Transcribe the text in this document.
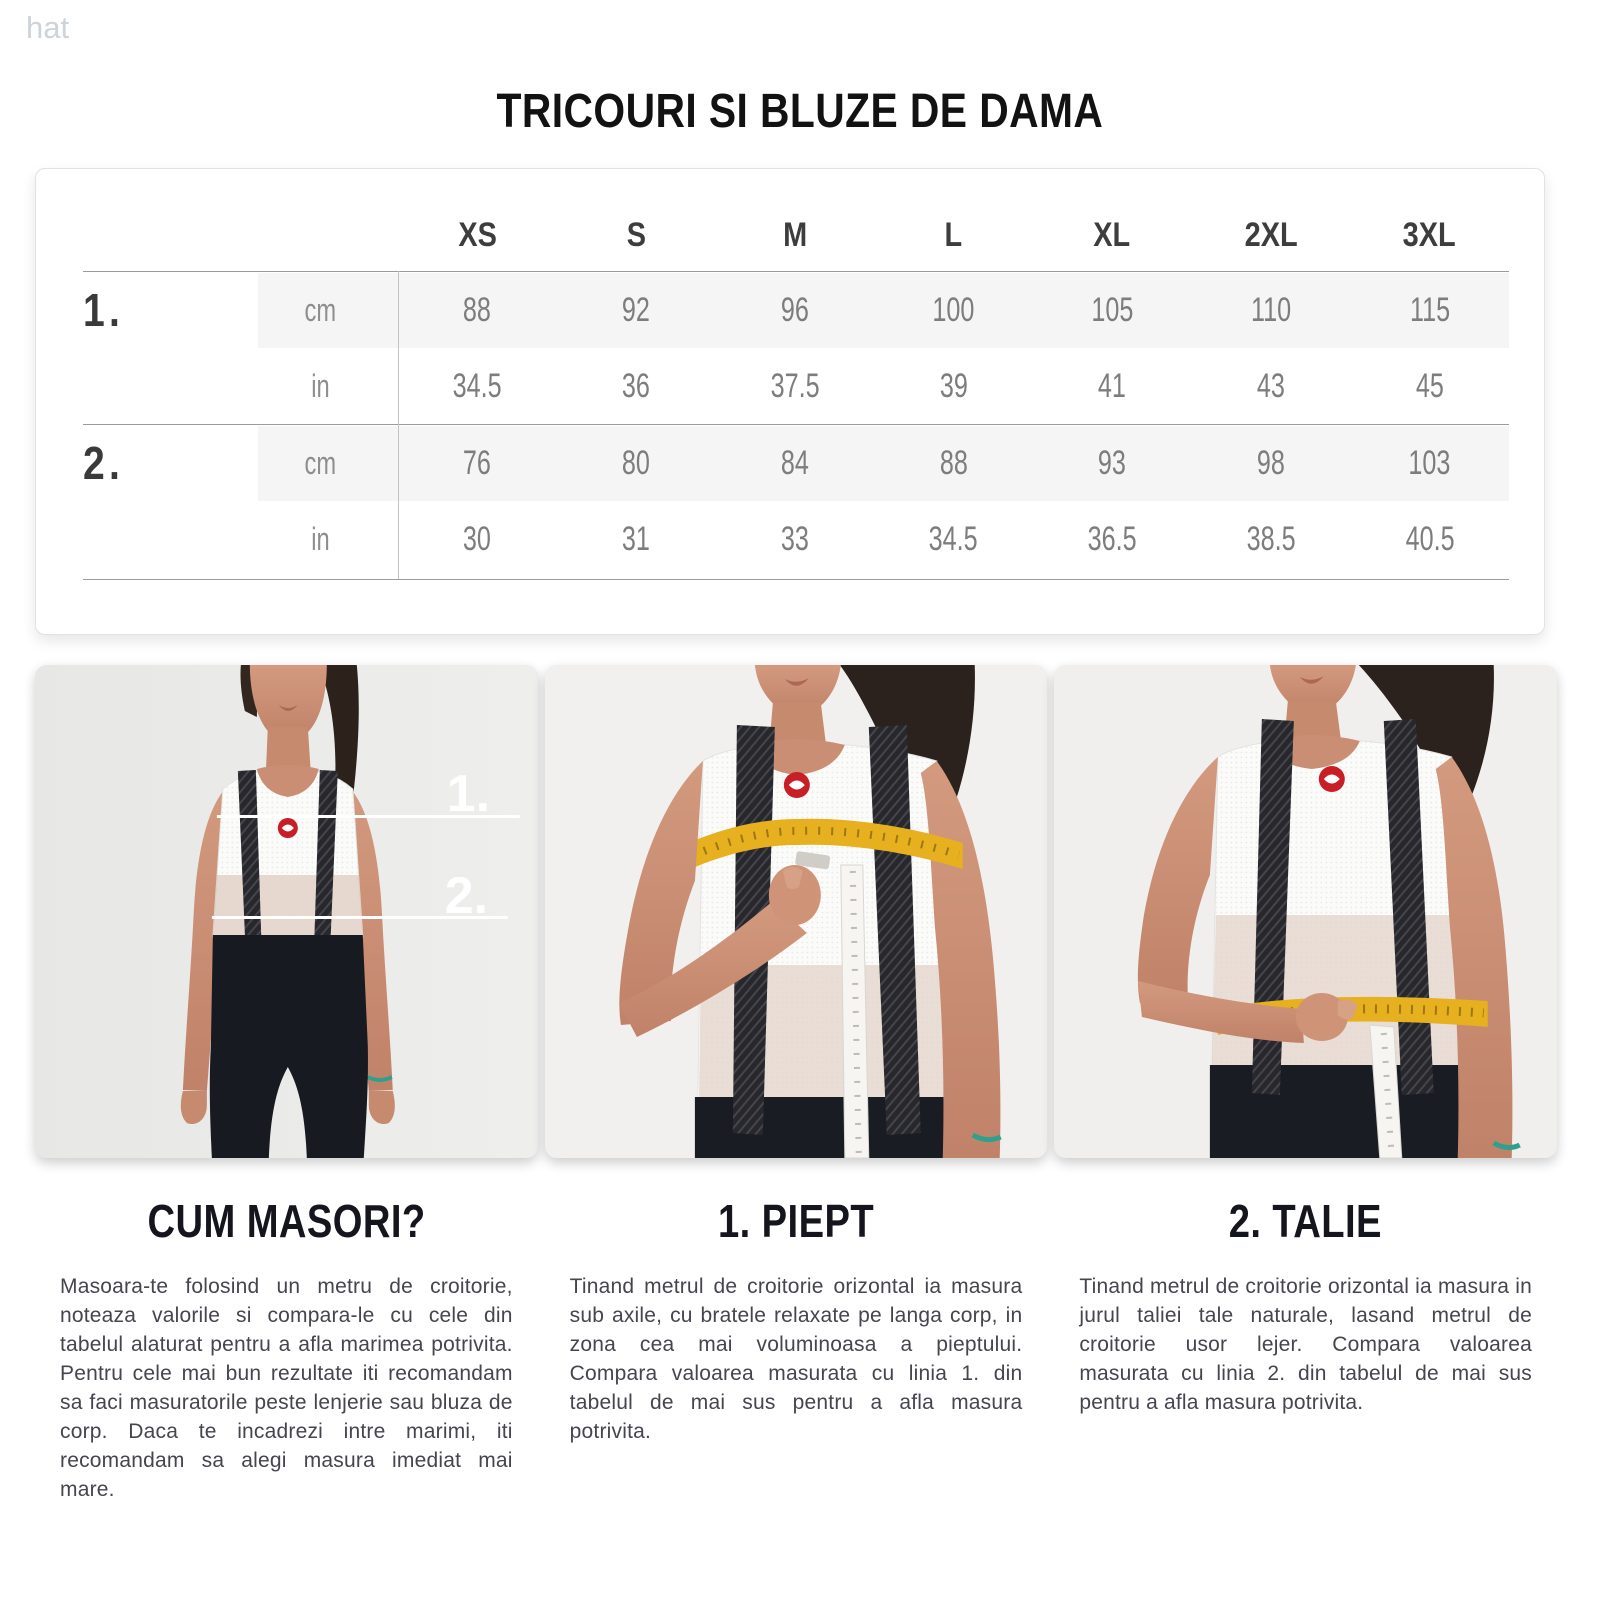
hat
TRICOURI SI BLUZE DE DAMA
XS	S	M	L	XL	2XL	3XL
1.	cm	88	92	96	100	105	110	115
in	34.5	36	37.5	39	41	43	45
2.	cm	76	80	84	88	93	98	103
in	30	31	33	34.5	36.5	38.5	40.5
1.
2.
CUM MASORI?	1. PIEPT	2. TALIE
Masoara-te folosind un metru de croitorie, noteaza valorile si compara-le cu cele din tabelul alaturat pentru a afla marimea potrivita. Pentru cele mai bun rezultate iti recomandam sa faci masuratorile peste lenjerie sau bluza de corp. Daca te incadrezi intre marimi, iti recomandam sa alegi masura imediat mai mare.
Tinand metrul de croitorie orizontal ia masura sub axile, cu bratele relaxate pe langa corp, in zona cea mai voluminoasa a pieptului. Compara valoarea masurata cu linia 1. din tabelul de mai sus pentru a afla masura potrivita.
Tinand metrul de croitorie orizontal ia masura in jurul taliei tale naturale, lasand metrul de croitorie usor lejer. Compara valoarea masurata cu linia 2. din tabelul de mai sus pentru a afla masura potrivita.
